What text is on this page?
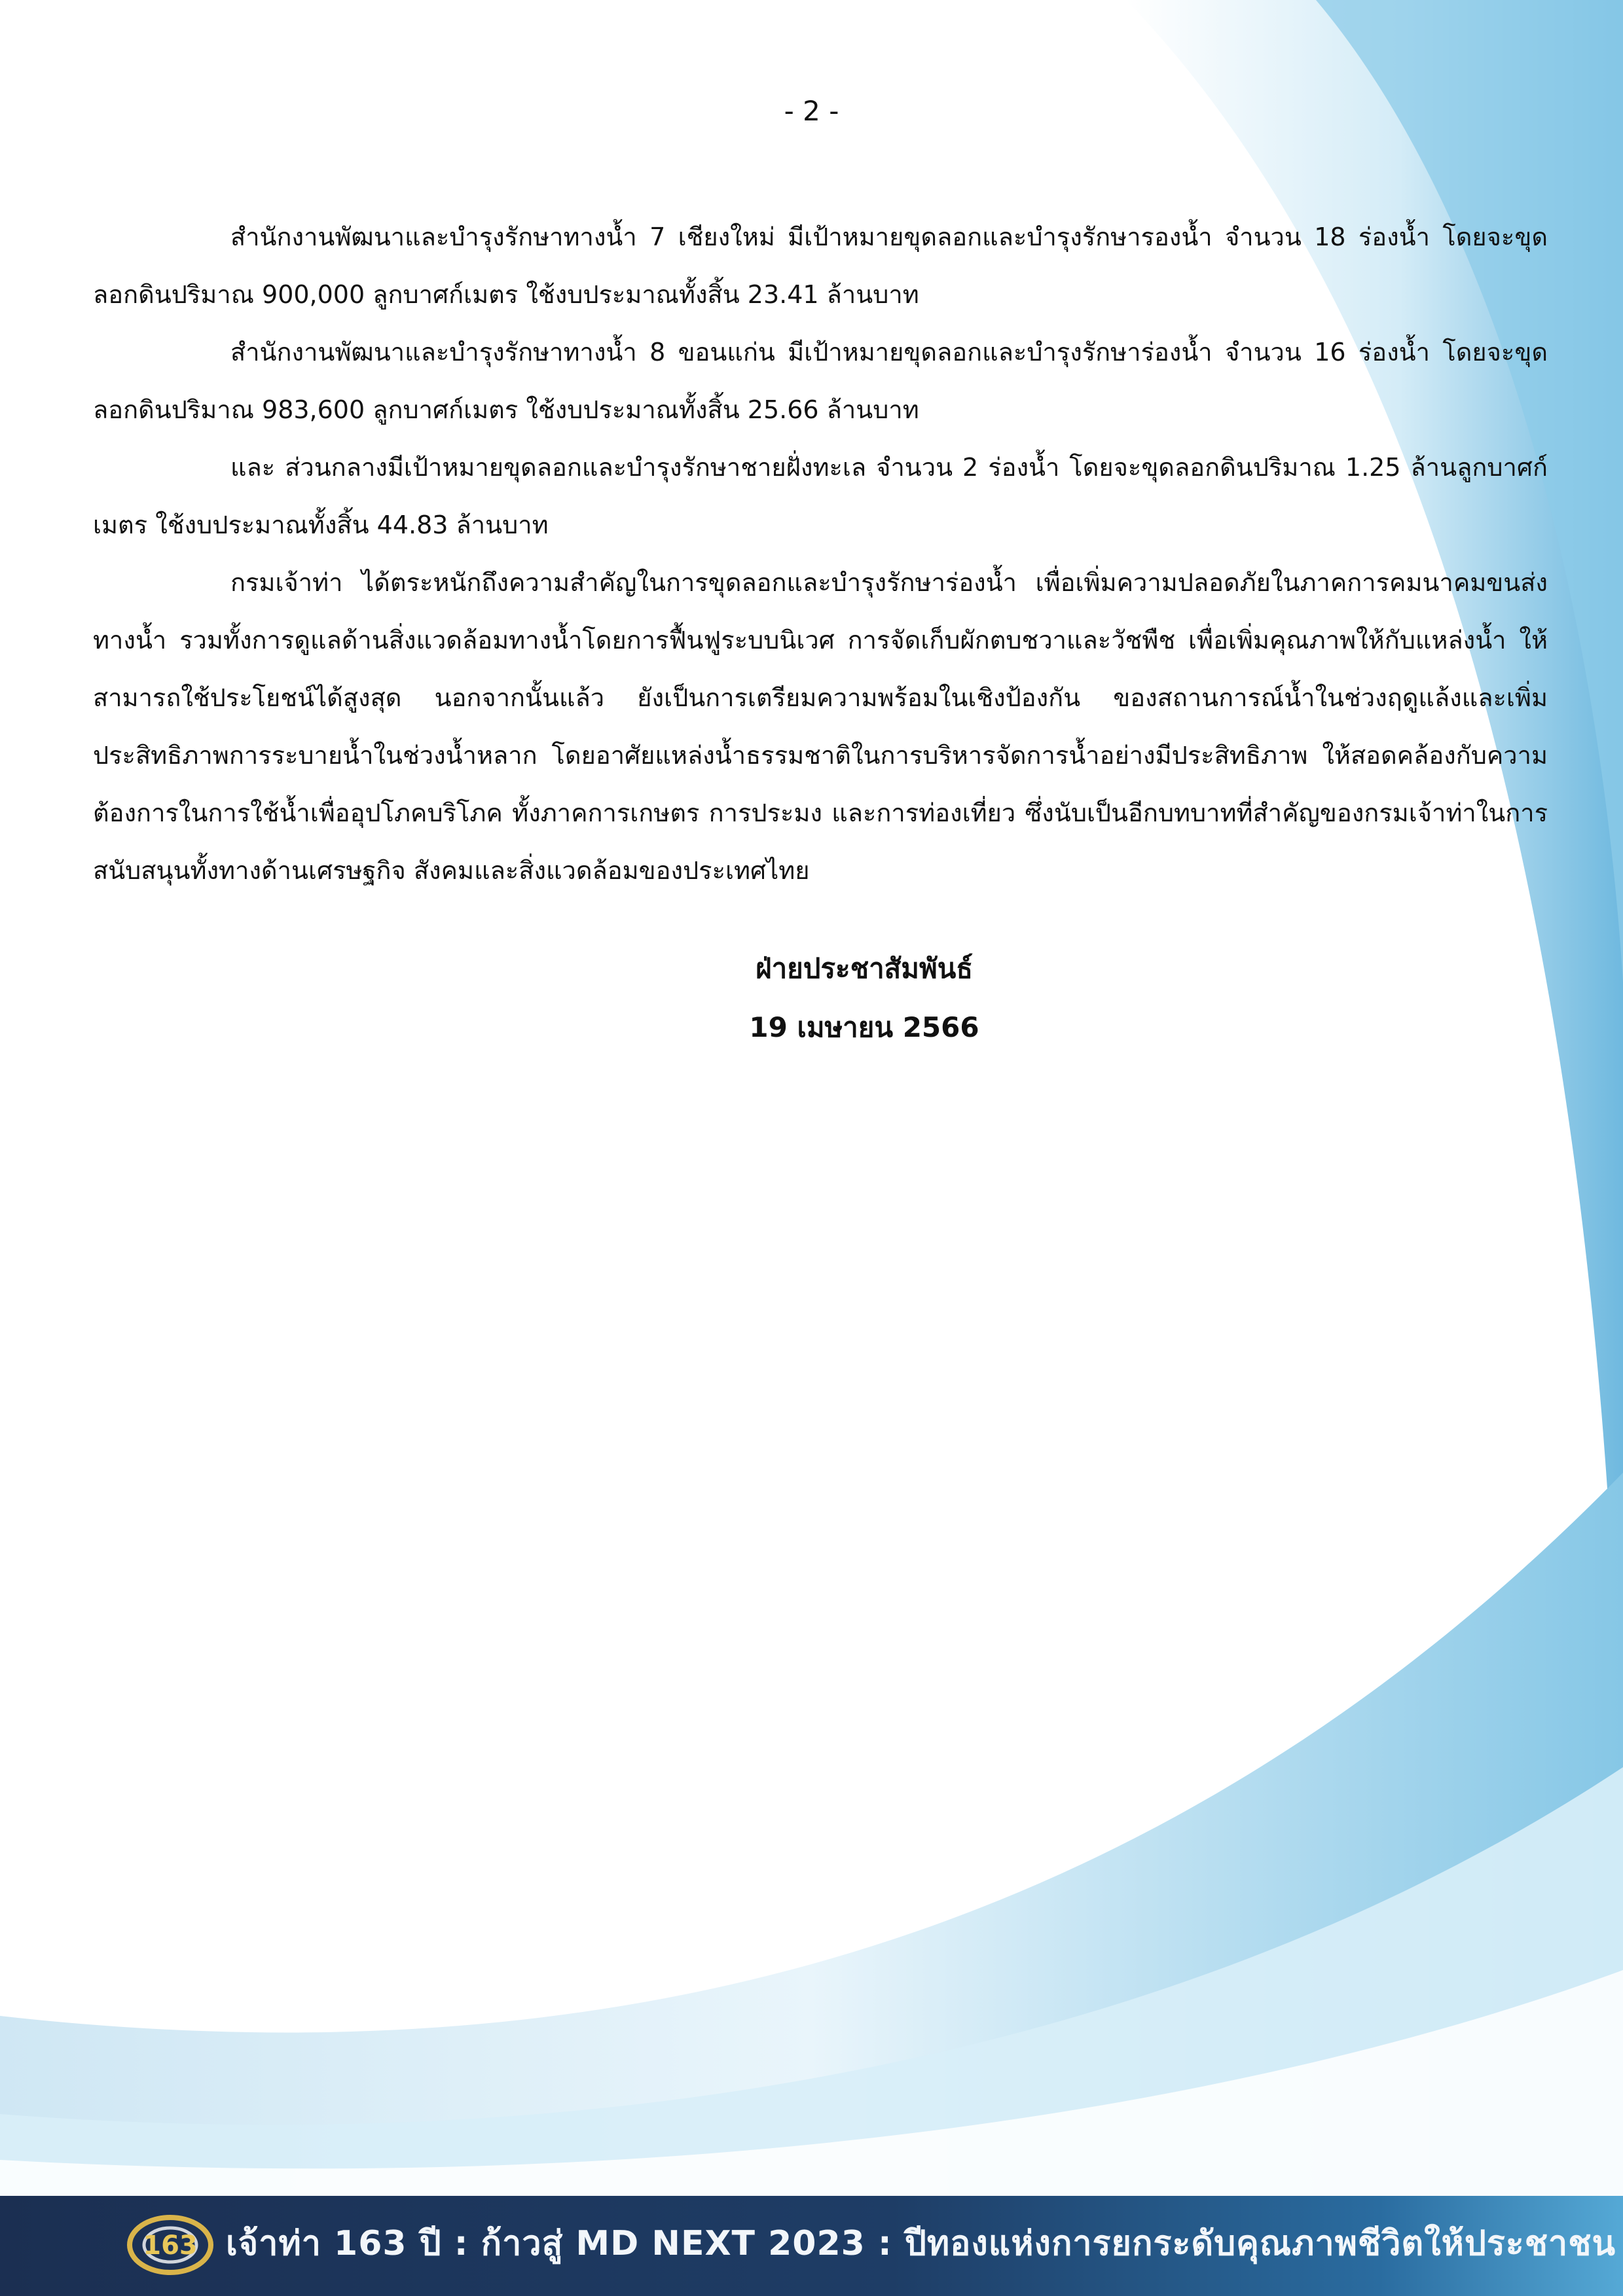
- 2 -

สำนักงานพัฒนาและบำรุงรักษาทางน้ำ 7 เชียงใหม่ มีเป้าหมายขุดลอกและบำรุงรักษารองน้ำ จำนวน 18 ร่องน้ำ โดยจะขุดลอกดินปริมาณ 900,000 ลูกบาศก์เมตร ใช้งบประมาณทั้งสิ้น 23.41 ล้านบาท

สำนักงานพัฒนาและบำรุงรักษาทางน้ำ 8 ขอนแก่น มีเป้าหมายขุดลอกและบำรุงรักษาร่องน้ำ จำนวน 16 ร่องน้ำ โดยจะขุดลอกดินปริมาณ 983,600 ลูกบาศก์เมตร ใช้งบประมาณทั้งสิ้น 25.66 ล้านบาท

และ ส่วนกลางมีเป้าหมายขุดลอกและบำรุงรักษาชายฝั่งทะเล จำนวน 2 ร่องน้ำ โดยจะขุดลอกดินปริมาณ 1.25 ล้านลูกบาศก์เมตร ใช้งบประมาณทั้งสิ้น 44.83 ล้านบาท

กรมเจ้าท่า ได้ตระหนักถึงความสำคัญในการขุดลอกและบำรุงรักษาร่องน้ำ เพื่อเพิ่มความปลอดภัยในภาคการคมนาคมขนส่งทางน้ำ รวมทั้งการดูแลด้านสิ่งแวดล้อมทางน้ำโดยการฟื้นฟูระบบนิเวศ การจัดเก็บผักตบชวาและวัชพืช เพื่อเพิ่มคุณภาพให้กับแหล่งน้ำ ให้สามารถใช้ประโยชน์ได้สูงสุด นอกจากนั้นแล้ว ยังเป็นการเตรียมความพร้อมในเชิงป้องกัน ของสถานการณ์น้ำในช่วงฤดูแล้งและเพิ่มประสิทธิภาพการระบายน้ำในช่วงน้ำหลาก โดยอาศัยแหล่งน้ำธรรมชาติในการบริหารจัดการน้ำอย่างมีประสิทธิภาพ ให้สอดคล้องกับความต้องการในการใช้น้ำเพื่ออุปโภคบริโภค ทั้งภาคการเกษตร การประมง และการท่องเที่ยว ซึ่งนับเป็นอีกบทบาทที่สำคัญของกรมเจ้าท่าในการสนับสนุนทั้งทางด้านเศรษฐกิจ สังคมและสิ่งแวดล้อมของประเทศไทย

ฝ่ายประชาสัมพันธ์
19 เมษายน 2566
163 เจ้าท่า 163 ปี : ก้าวสู่ MD NEXT 2023 : ปีทองแห่งการยกระดับคุณภาพชีวิตให้ประชาชน
